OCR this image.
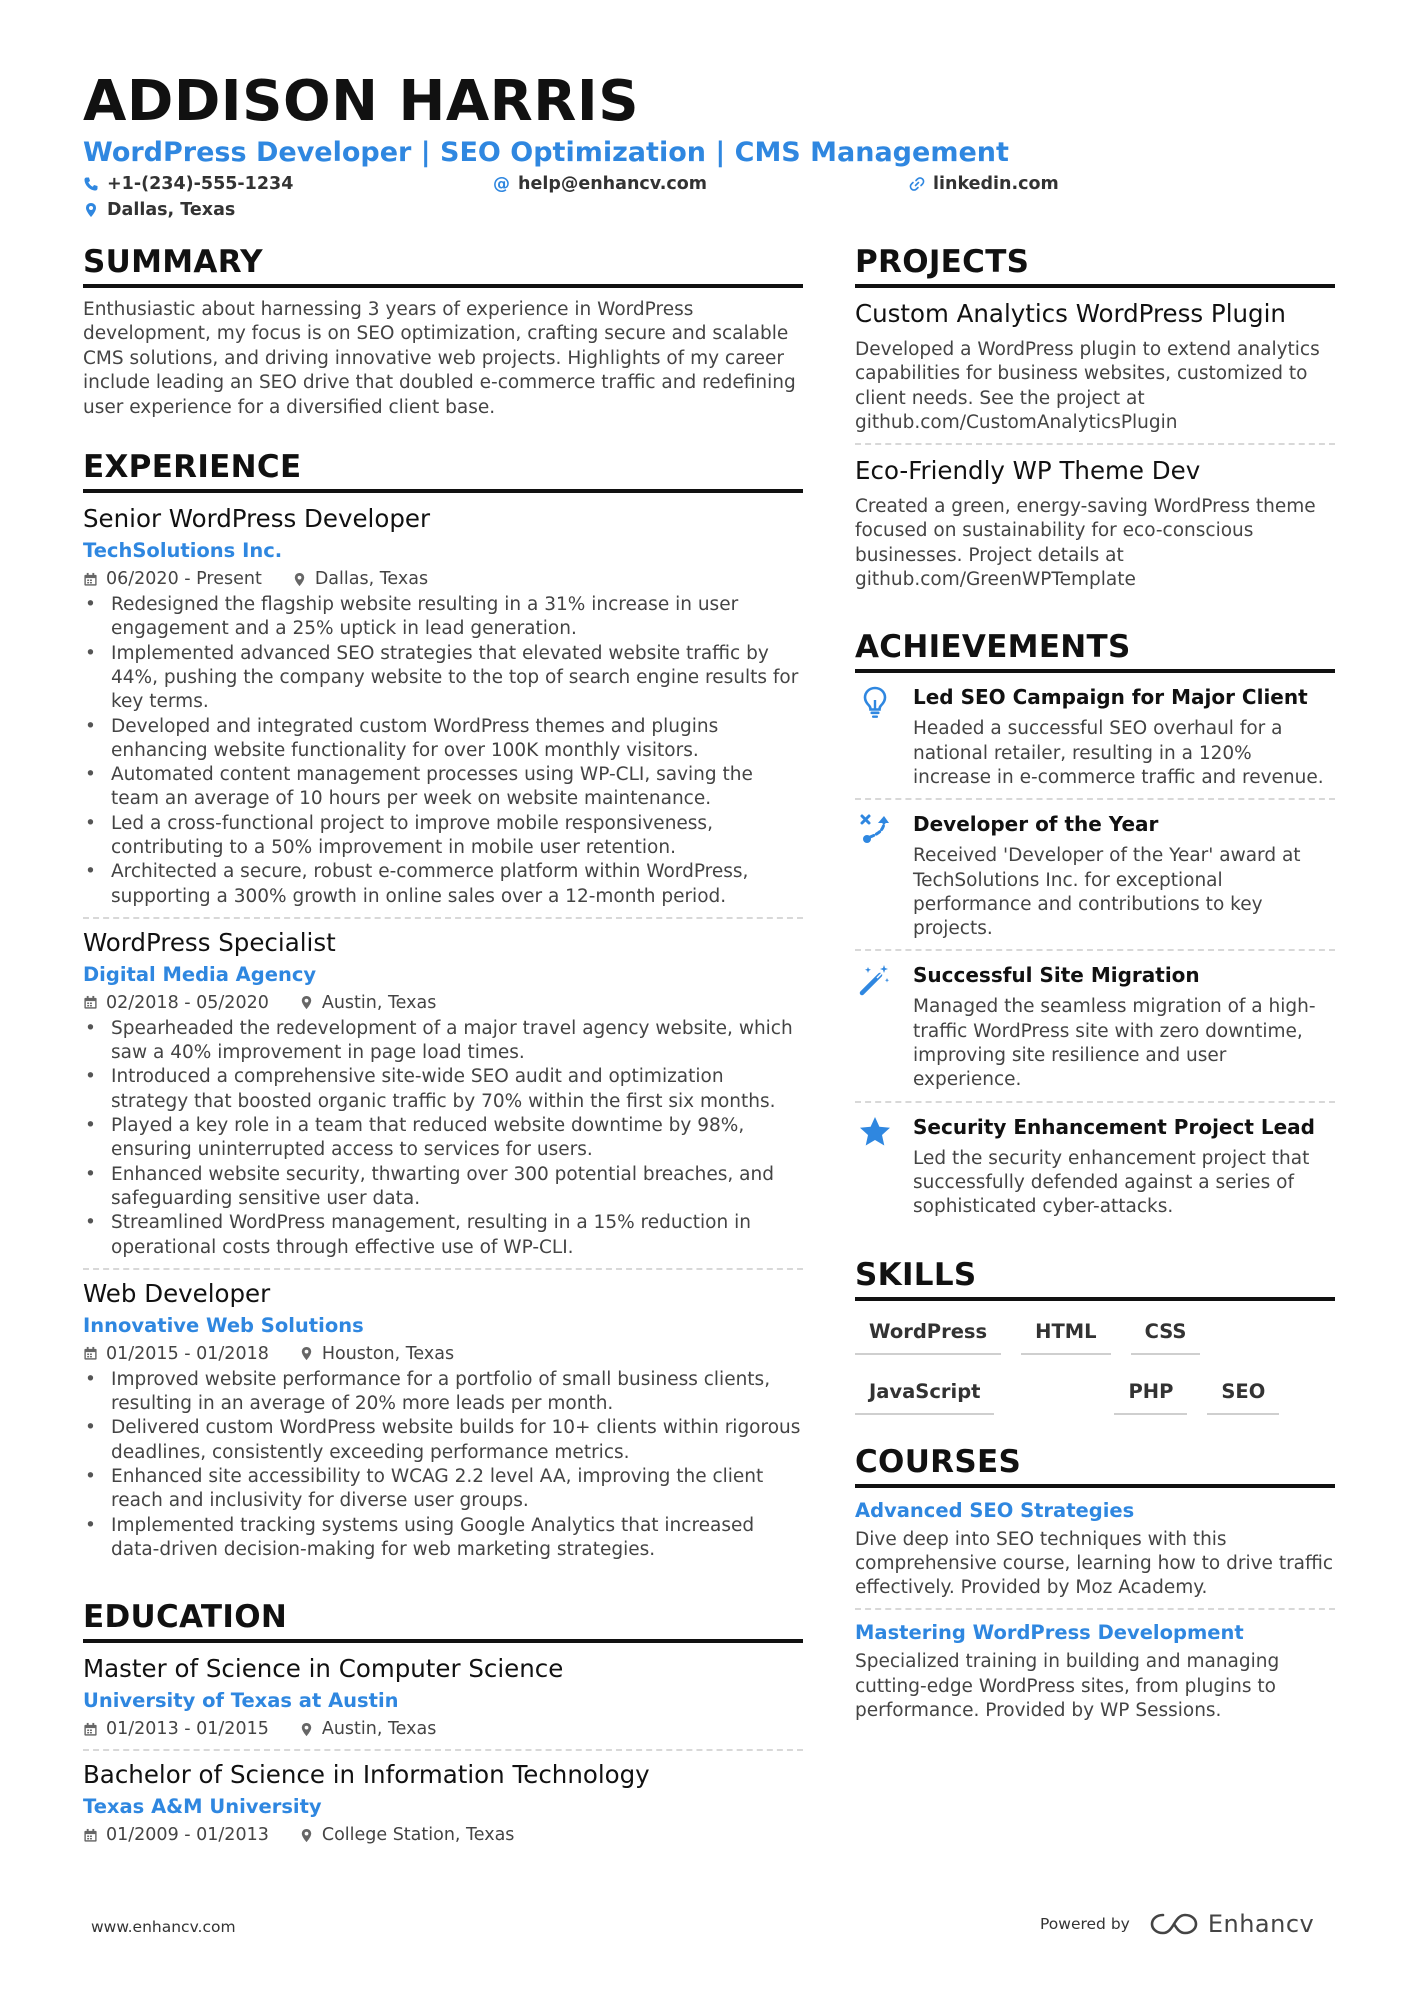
ADDISON HARRIS
WordPress Developer | SEO Optimization | CMS Management
+1-(234)-555-1234	@ help@enhancv.com	linkedin.com
Dallas, Texas
SUMMARY
Enthusiastic about harnessing 3 years of experience in WordPress development, my focus is on SEO optimization, crafting secure and scalable CMS solutions, and driving innovative web projects. Highlights of my career include leading an SEO drive that doubled e-commerce traffic and redefining user experience for a diversified client base.
EXPERIENCE
Senior WordPress Developer
TechSolutions Inc.
06/2020 - Present	Dallas, Texas
• Redesigned the flagship website resulting in a 31% increase in user engagement and a 25% uptick in lead generation.
• Implemented advanced SEO strategies that elevated website traffic by 44%, pushing the company website to the top of search engine results for key terms.
• Developed and integrated custom WordPress themes and plugins enhancing website functionality for over 100K monthly visitors.
• Automated content management processes using WP-CLI, saving the team an average of 10 hours per week on website maintenance.
• Led a cross-functional project to improve mobile responsiveness, contributing to a 50% improvement in mobile user retention.
• Architected a secure, robust e-commerce platform within WordPress, supporting a 300% growth in online sales over a 12-month period.
WordPress Specialist
Digital Media Agency
02/2018 - 05/2020	Austin, Texas
• Spearheaded the redevelopment of a major travel agency website, which saw a 40% improvement in page load times.
• Introduced a comprehensive site-wide SEO audit and optimization strategy that boosted organic traffic by 70% within the first six months.
• Played a key role in a team that reduced website downtime by 98%, ensuring uninterrupted access to services for users.
• Enhanced website security, thwarting over 300 potential breaches, and safeguarding sensitive user data.
• Streamlined WordPress management, resulting in a 15% reduction in operational costs through effective use of WP-CLI.
Web Developer
Innovative Web Solutions
01/2015 - 01/2018	Houston, Texas
• Improved website performance for a portfolio of small business clients, resulting in an average of 20% more leads per month.
• Delivered custom WordPress website builds for 10+ clients within rigorous deadlines, consistently exceeding performance metrics.
• Enhanced site accessibility to WCAG 2.2 level AA, improving the client reach and inclusivity for diverse user groups.
• Implemented tracking systems using Google Analytics that increased data-driven decision-making for web marketing strategies.
EDUCATION
Master of Science in Computer Science
University of Texas at Austin
01/2013 - 01/2015	Austin, Texas
Bachelor of Science in Information Technology
Texas A&M University
01/2009 - 01/2013	College Station, Texas
PROJECTS
Custom Analytics WordPress Plugin
Developed a WordPress plugin to extend analytics capabilities for business websites, customized to client needs. See the project at github.com/CustomAnalyticsPlugin
Eco-Friendly WP Theme Dev
Created a green, energy-saving WordPress theme focused on sustainability for eco-conscious businesses. Project details at github.com/GreenWPTemplate
ACHIEVEMENTS
Led SEO Campaign for Major Client
Headed a successful SEO overhaul for a national retailer, resulting in a 120% increase in e-commerce traffic and revenue.
Developer of the Year
Received 'Developer of the Year' award at TechSolutions Inc. for exceptional performance and contributions to key projects.
Successful Site Migration
Managed the seamless migration of a high-traffic WordPress site with zero downtime, improving site resilience and user experience.
Security Enhancement Project Lead
Led the security enhancement project that successfully defended against a series of sophisticated cyber-attacks.
SKILLS
WordPress	HTML	CSS
JavaScript	PHP	SEO
COURSES
Advanced SEO Strategies
Dive deep into SEO techniques with this comprehensive course, learning how to drive traffic effectively. Provided by Moz Academy.
Mastering WordPress Development
Specialized training in building and managing cutting-edge WordPress sites, from plugins to performance. Provided by WP Sessions.
www.enhancv.com	Powered by	Enhancv
